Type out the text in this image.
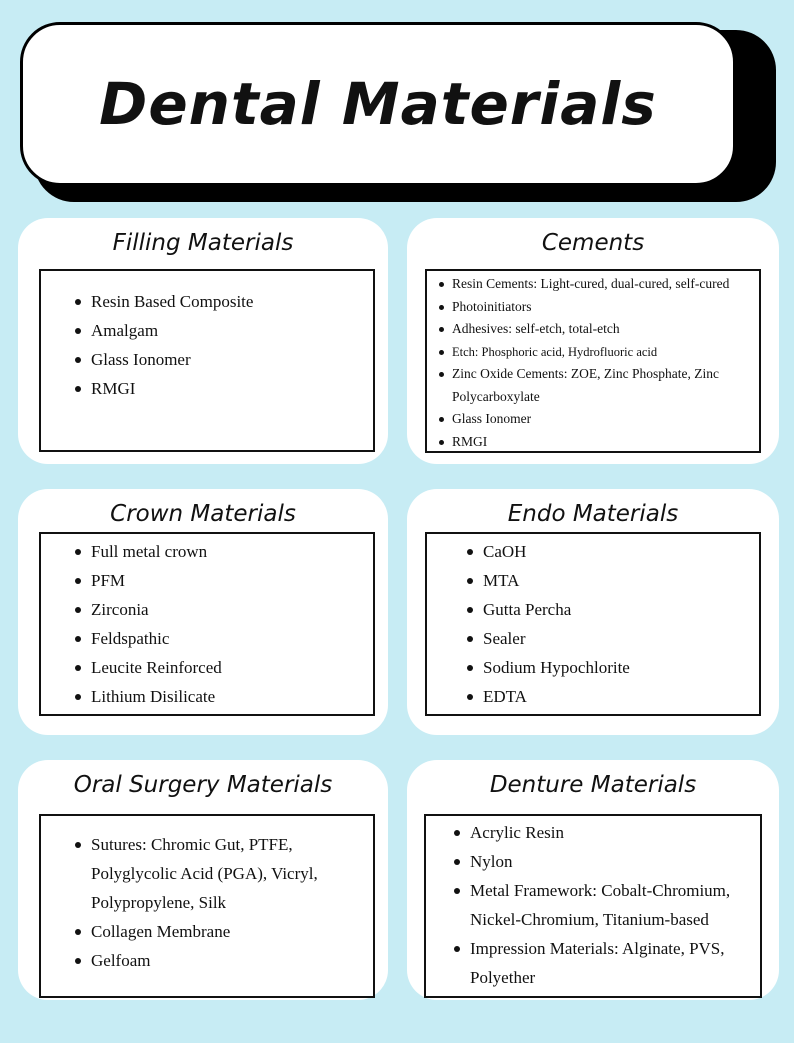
Dental Materials
Filling Materials
Resin Based Composite
Amalgam
Glass Ionomer
RMGI
Cements
Resin Cements: Light-cured, dual-cured, self-cured
Photoinitiators
Adhesives: self-etch, total-etch
Etch: Phosphoric acid, Hydrofluoric acid
Zinc Oxide Cements: ZOE, Zinc Phosphate, Zinc Polycarboxylate
Glass Ionomer
RMGI
Crown Materials
Full metal crown
PFM
Zirconia
Feldspathic
Leucite Reinforced
Lithium Disilicate
Endo Materials
CaOH
MTA
Gutta Percha
Sealer
Sodium Hypochlorite
EDTA
Oral Surgery Materials
Sutures: Chromic Gut, PTFE, Polyglycolic Acid (PGA), Vicryl, Polypropylene, Silk
Collagen Membrane
Gelfoam
Denture Materials
Acrylic Resin
Nylon
Metal Framework: Cobalt-Chromium, Nickel-Chromium, Titanium-based
Impression Materials: Alginate, PVS, Polyether
